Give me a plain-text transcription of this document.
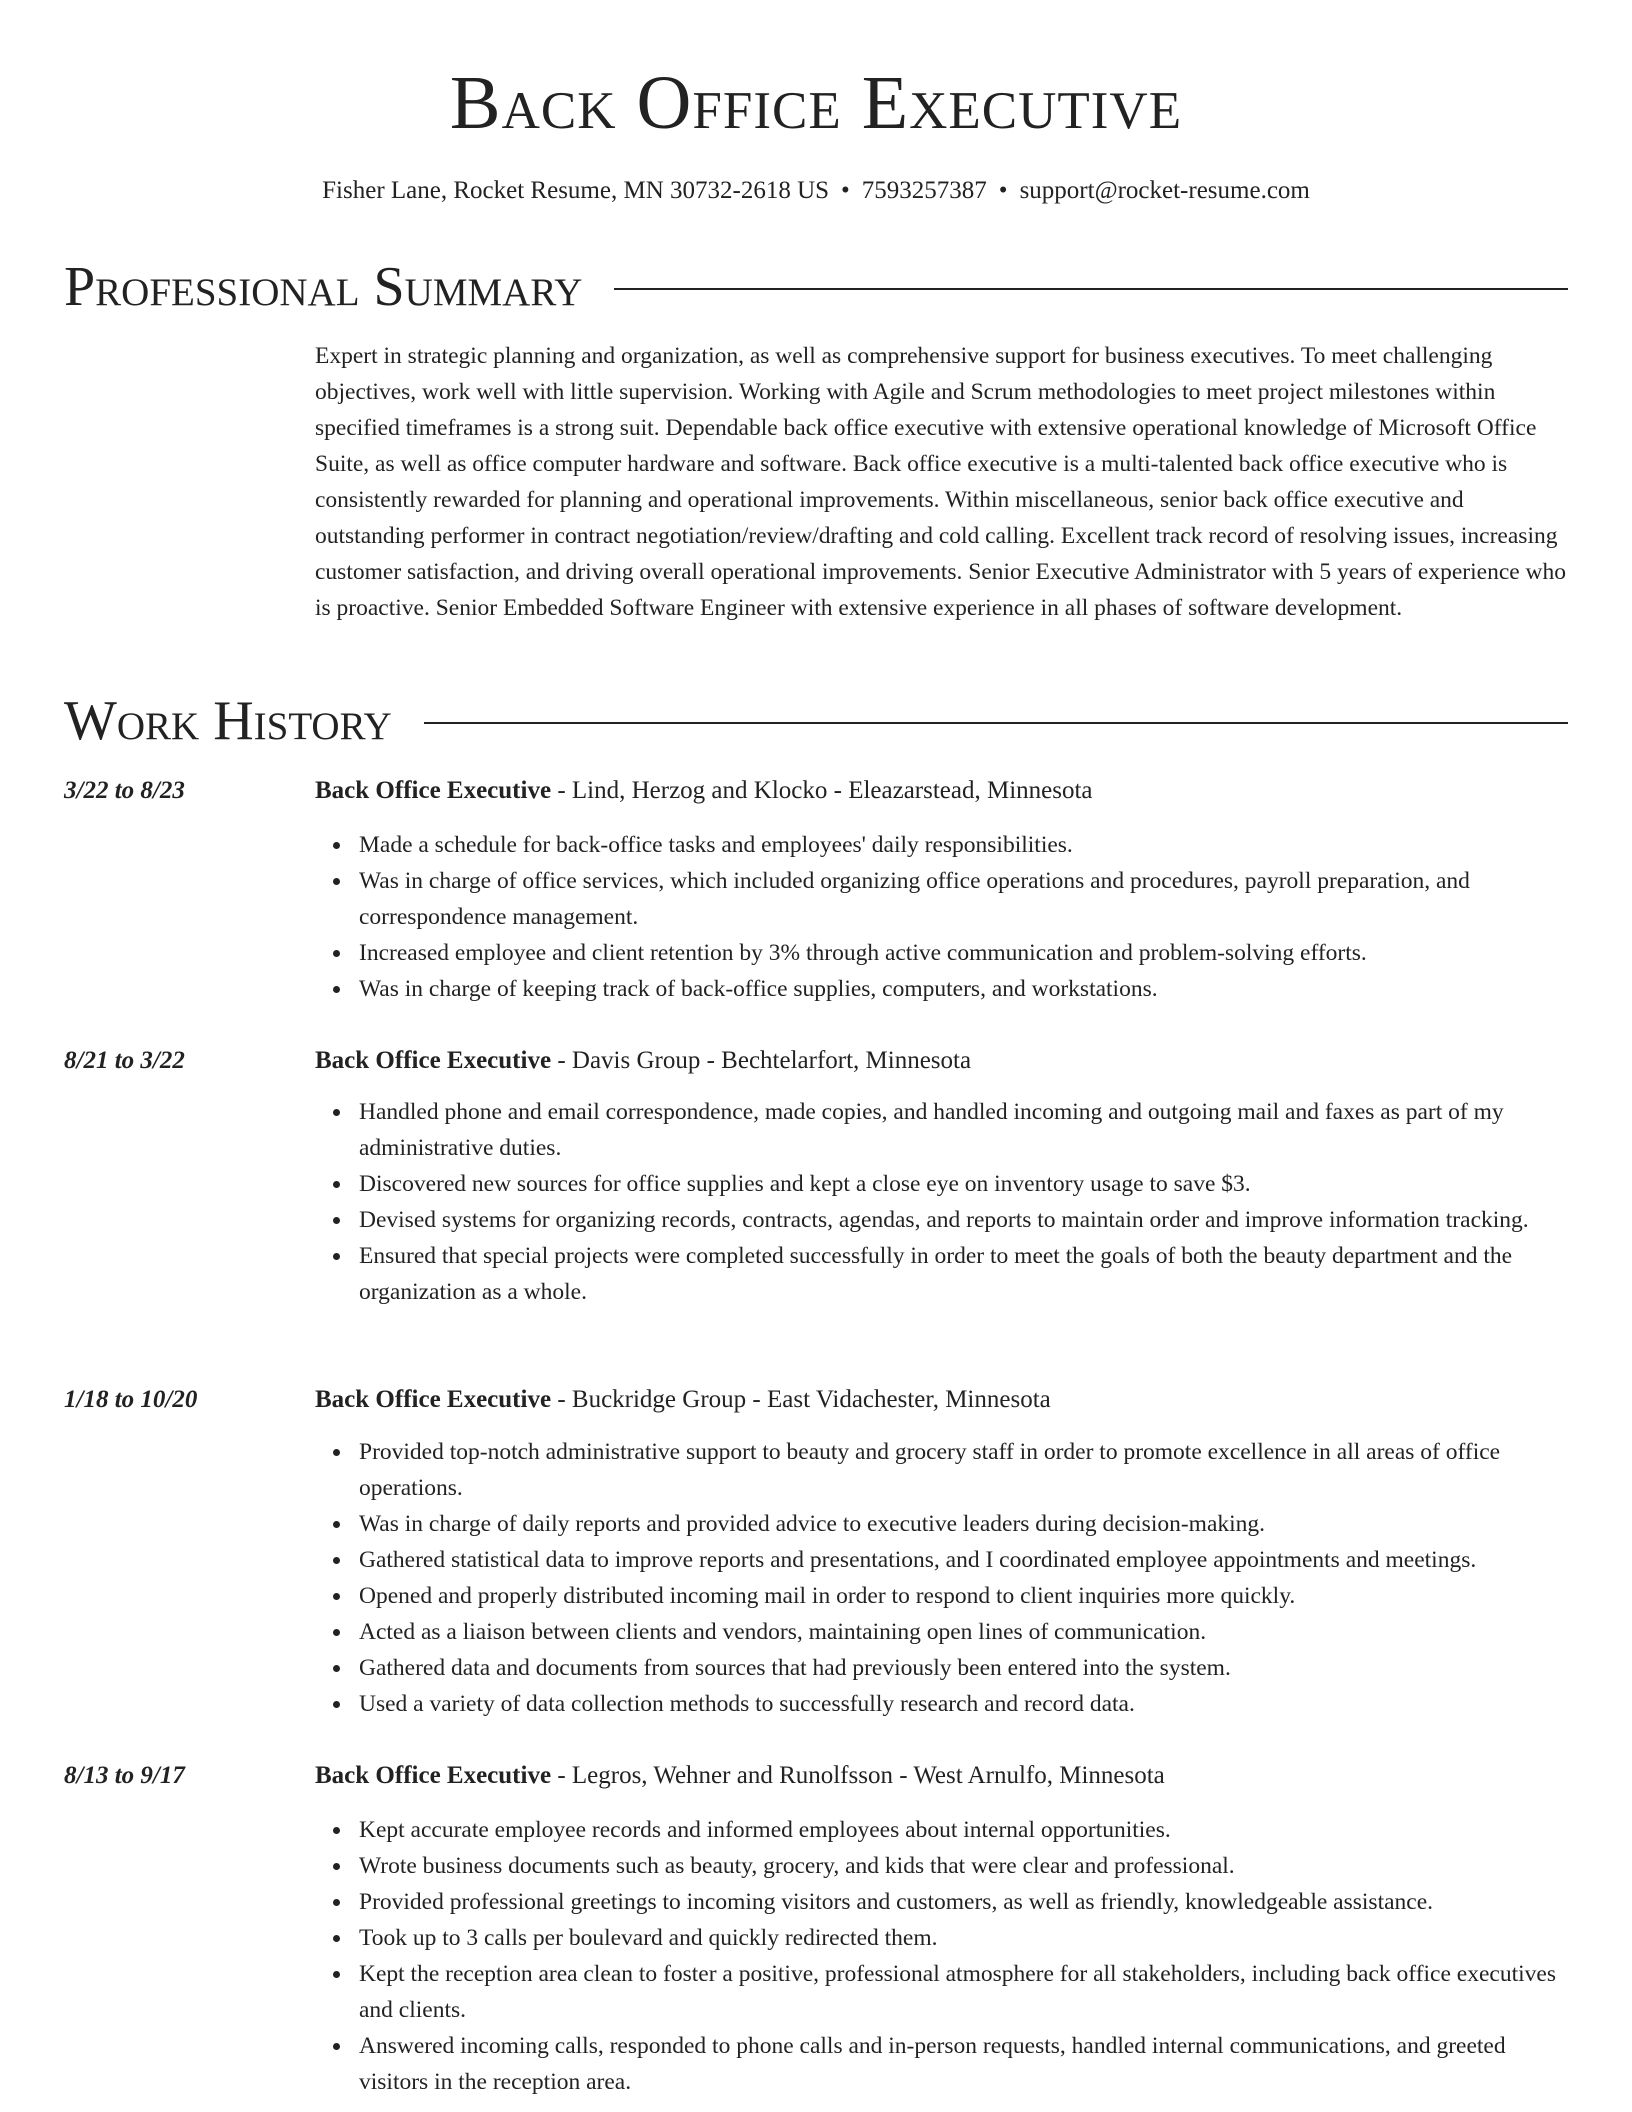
Back Office Executive
Fisher Lane, Rocket Resume, MN 30732-2618 US • 7593257387 • support@rocket-resume.com
Professional Summary

Expert in strategic planning and organization, as well as comprehensive support for business executives. To meet challenging objectives, work well with little supervision. Working with Agile and Scrum methodologies to meet project milestones within specified timeframes is a strong suit. Dependable back office executive with extensive operational knowledge of Microsoft Office Suite, as well as office computer hardware and software. Back office executive is a multi-talented back office executive who is consistently rewarded for planning and operational improvements. Within miscellaneous, senior back office executive and outstanding performer in contract negotiation/review/drafting and cold calling. Excellent track record of resolving issues, increasing customer satisfaction, and driving overall operational improvements. Senior Executive Administrator with 5 years of experience who is proactive. Senior Embedded Software Engineer with extensive experience in all phases of software development.

Work History
3/22 to 8/23	Back Office Executive - Lind, Herzog and Klocko - Eleazarstead, Minnesota
Made a schedule for back-office tasks and employees' daily responsibilities.
Was in charge of office services, which included organizing office operations and procedures, payroll preparation, and correspondence management.
Increased employee and client retention by 3% through active communication and problem-solving efforts.
Was in charge of keeping track of back-office supplies, computers, and workstations.
8/21 to 3/22	Back Office Executive - Davis Group - Bechtelarfort, Minnesota
Handled phone and email correspondence, made copies, and handled incoming and outgoing mail and faxes as part of my administrative duties.
Discovered new sources for office supplies and kept a close eye on inventory usage to save $3.
Devised systems for organizing records, contracts, agendas, and reports to maintain order and improve information tracking.
Ensured that special projects were completed successfully in order to meet the goals of both the beauty department and the organization as a whole.
1/18 to 10/20	Back Office Executive - Buckridge Group - East Vidachester, Minnesota
Provided top-notch administrative support to beauty and grocery staff in order to promote excellence in all areas of office operations.
Was in charge of daily reports and provided advice to executive leaders during decision-making.
Gathered statistical data to improve reports and presentations, and I coordinated employee appointments and meetings.
Opened and properly distributed incoming mail in order to respond to client inquiries more quickly.
Acted as a liaison between clients and vendors, maintaining open lines of communication.
Gathered data and documents from sources that had previously been entered into the system.
Used a variety of data collection methods to successfully research and record data.
8/13 to 9/17	Back Office Executive - Legros, Wehner and Runolfsson - West Arnulfo, Minnesota
Kept accurate employee records and informed employees about internal opportunities.
Wrote business documents such as beauty, grocery, and kids that were clear and professional.
Provided professional greetings to incoming visitors and customers, as well as friendly, knowledgeable assistance.
Took up to 3 calls per boulevard and quickly redirected them.
Kept the reception area clean to foster a positive, professional atmosphere for all stakeholders, including back office executives and clients.
Answered incoming calls, responded to phone calls and in-person requests, handled internal communications, and greeted visitors in the reception area.
